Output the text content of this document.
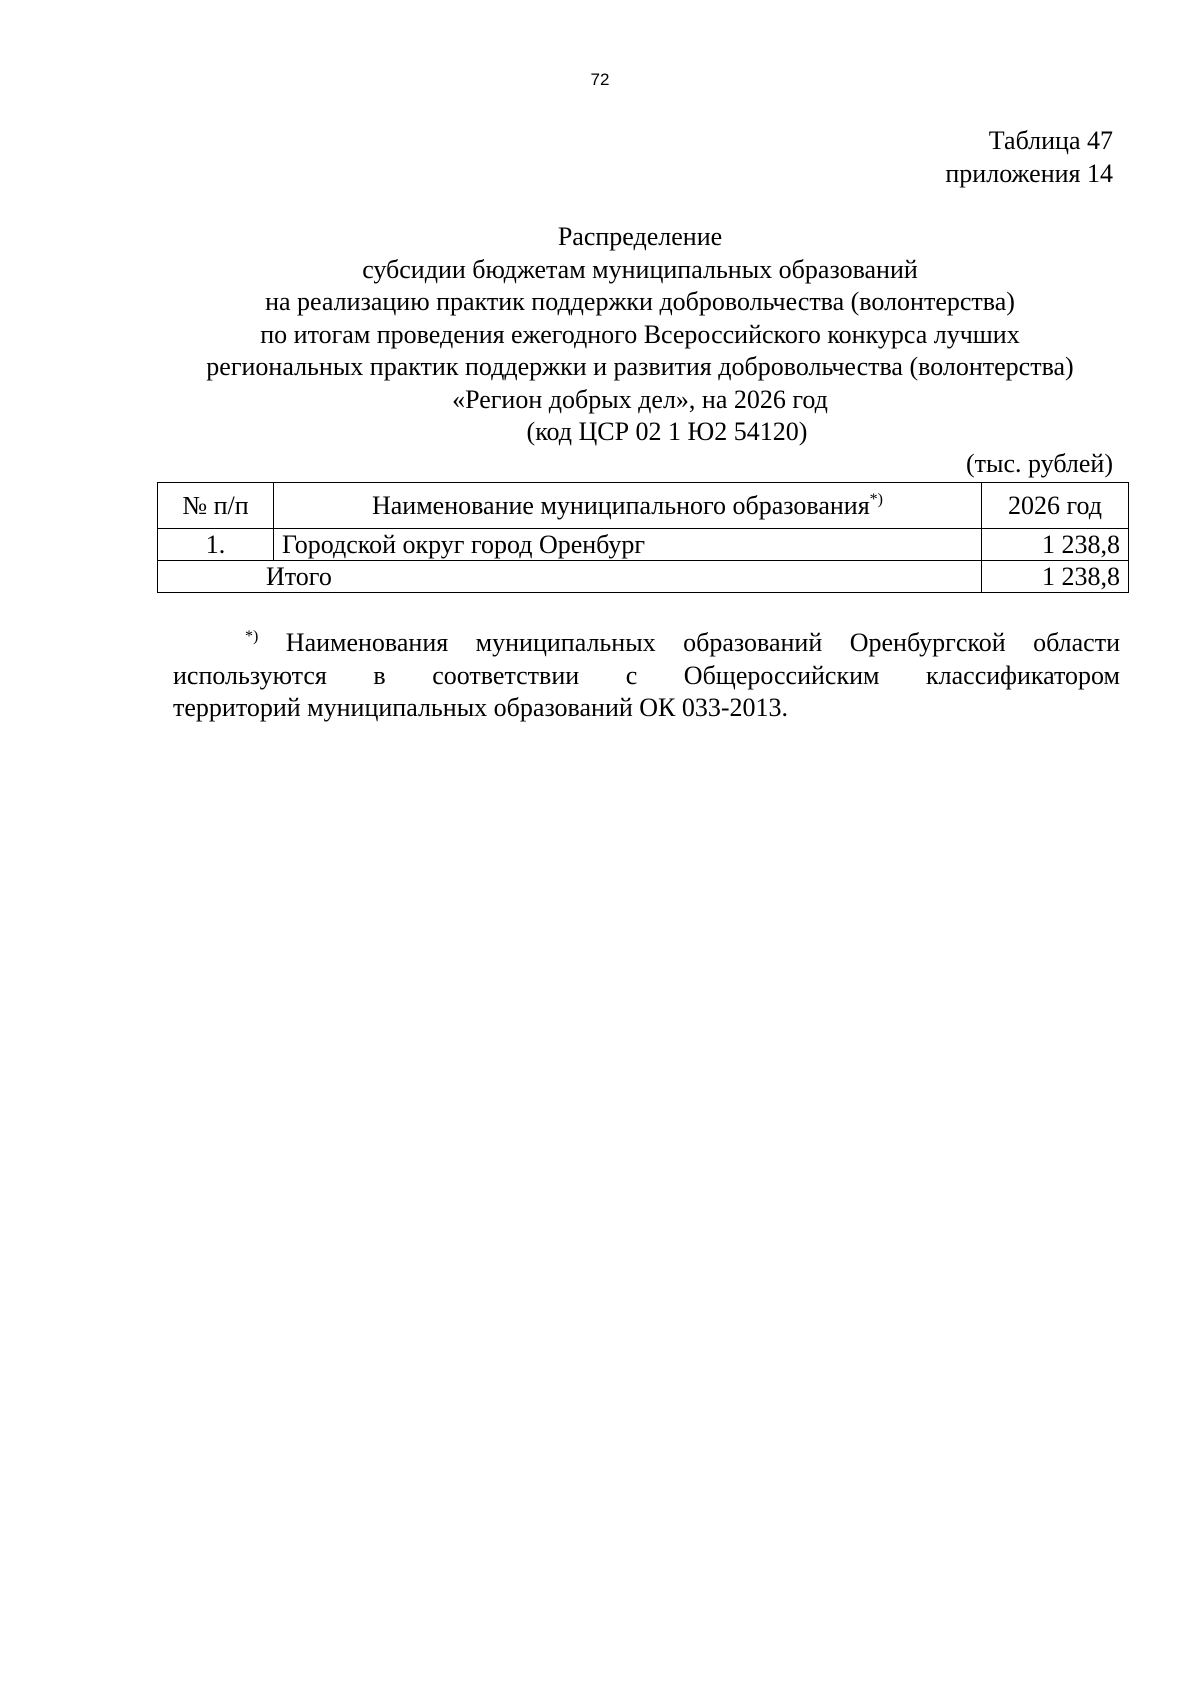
72
Таблица 47
приложения 14
Распределение
субсидии бюджетам муниципальных образований
на реализацию практик поддержки добровольчества (волонтерства)
по итогам проведения ежегодного Всероссийского конкурса лучших
региональных практик поддержки и развития добровольчества (волонтерства)
«Регион добрых дел», на 2026 год
(код ЦСР 02 1 Ю2 54120)
(тыс. рублей)
№ п/п	Наименование муниципального образования*)	2026 год
1.	Городской округ город Оренбург	1 238,8
Итого		1 238,8
*) Наименования муниципальных образований Оренбургской области
используются в соответствии с Общероссийским классификатором
территорий муниципальных образований ОК 033-2013.
